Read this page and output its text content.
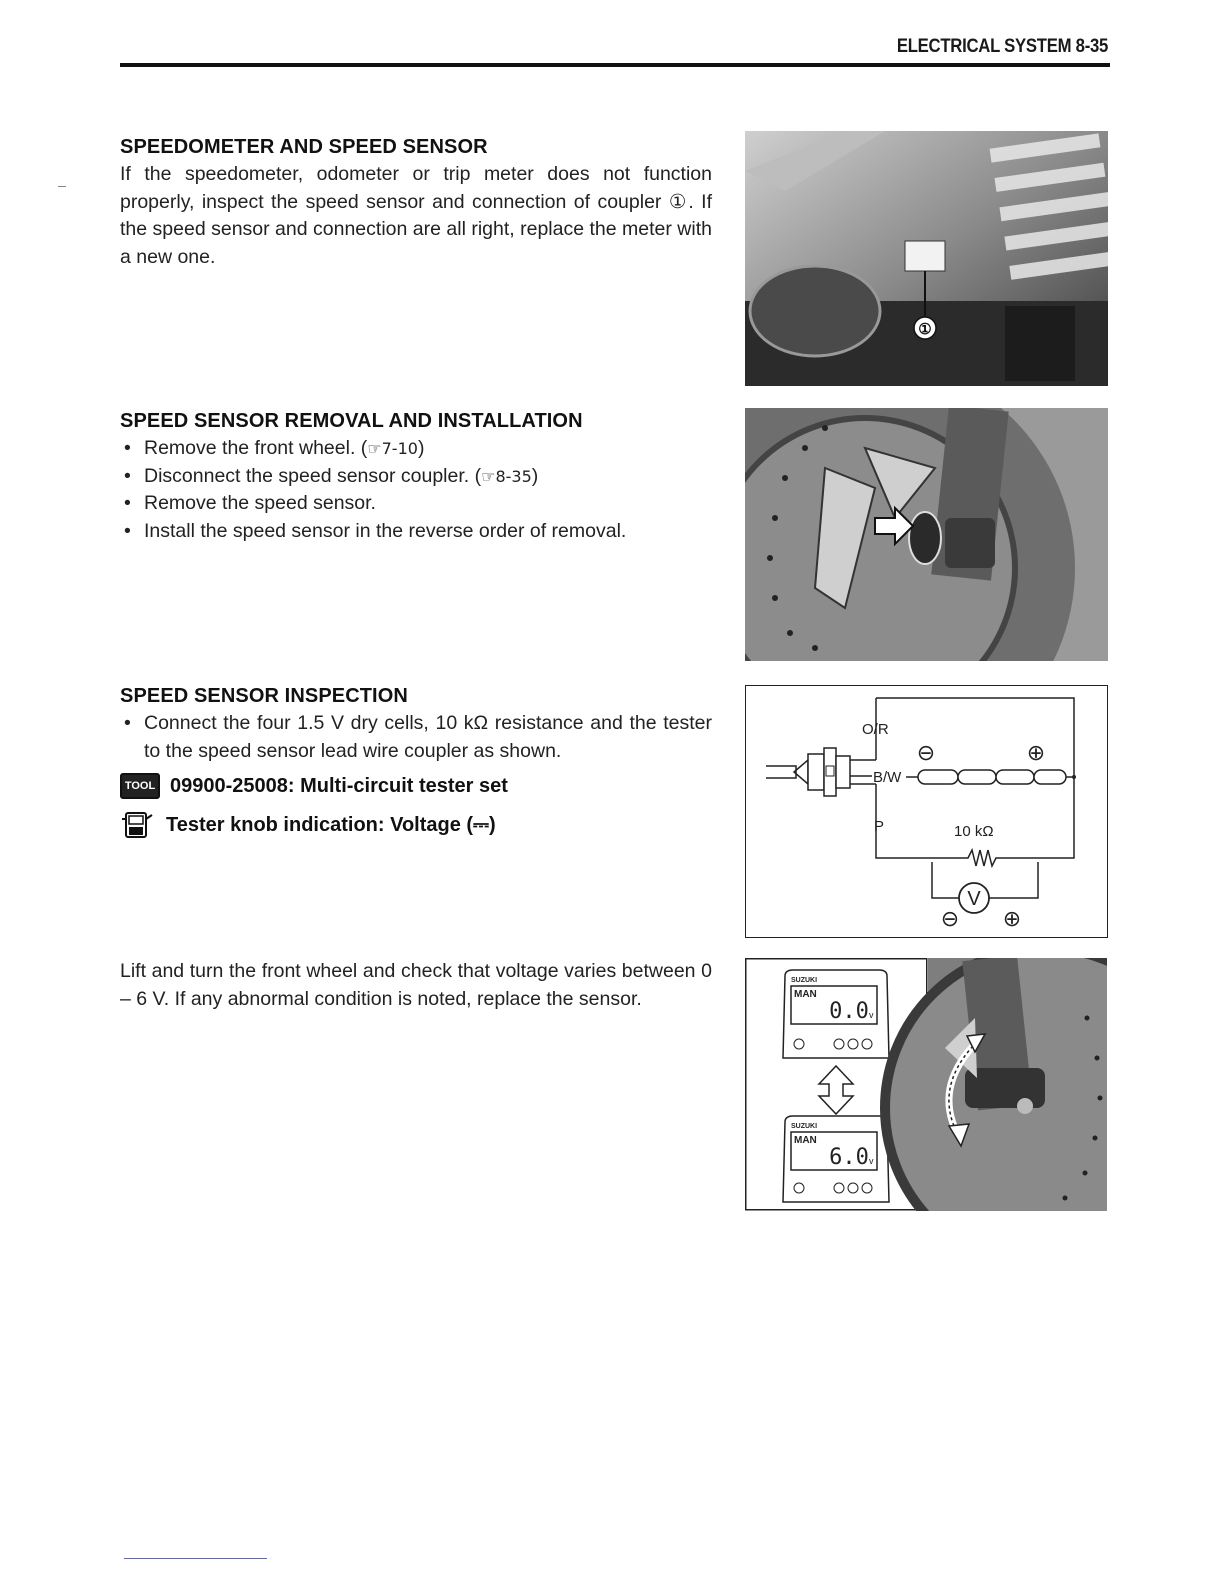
ELECTRICAL SYSTEM 8-35
SPEEDOMETER AND SPEED SENSOR

If the speedometer, odometer or trip meter does not function properly, inspect the speed sensor and connection of coupler ①. If the speed sensor and connection are all right, replace the meter with a new one.

①
SPEED SENSOR REMOVAL AND INSTALLATION
• Remove the front wheel. (☞7-10)
• Disconnect the speed sensor coupler. (☞8-35)
• Remove the speed sensor.
• Install the speed sensor in the reverse order of removal.
SPEED SENSOR INSPECTION
• Connect the four 1.5 V dry cells, 10 kΩ resistance and the tester to the speed sensor lead wire coupler as shown.
TOOL 09900-25008: Multi-circuit tester set
Tester knob indication: Voltage (⎓)
O/R
B/W
P
⊖	⊕
10 kΩ
V
⊖ ⊕

Lift and turn the front wheel and check that voltage varies between 0 – 6 V. If any abnormal condition is noted, replace the sensor.

SUZUKI
MAN
0.0 v
SUZUKI
MAN
6.0 v
